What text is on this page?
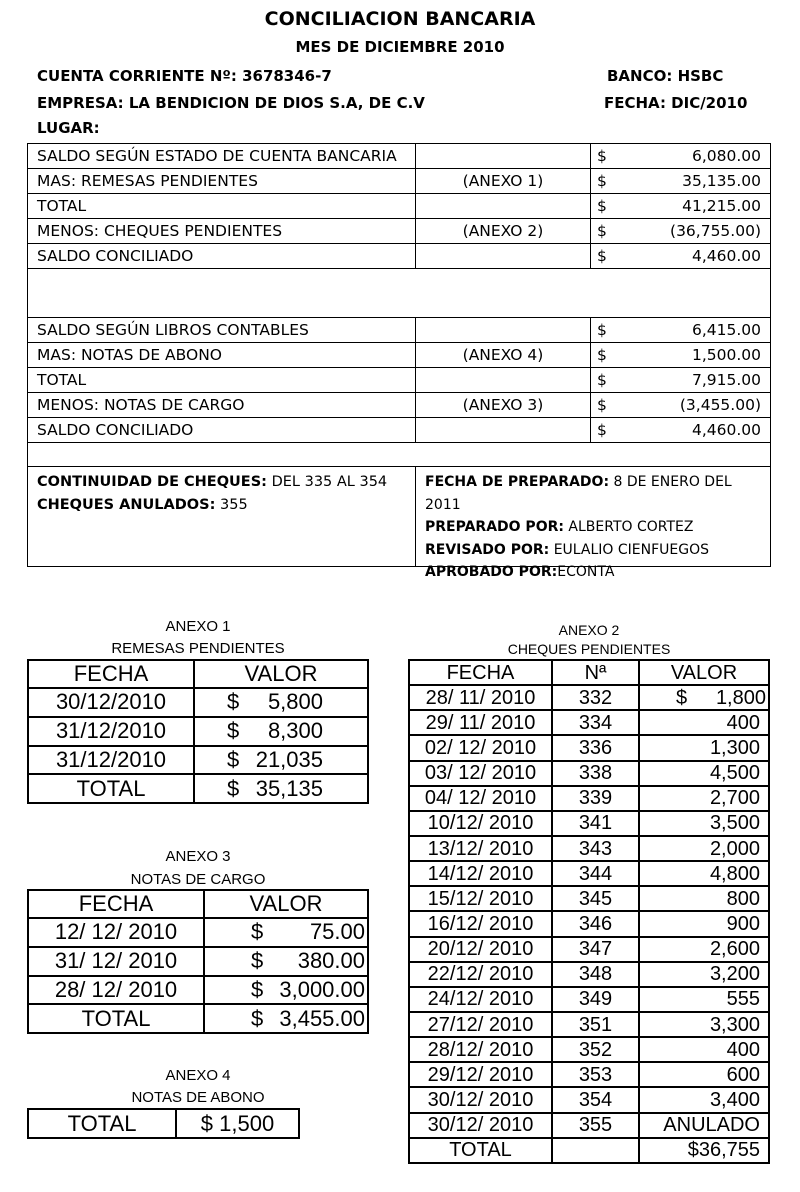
CONCILIACION BANCARIA
MES DE DICIEMBRE 2010
CUENTA CORRIENTE Nº: 3678346-7	BANCO: HSBC
EMPRESA: LA BENDICION DE DIOS S.A, DE C.V	FECHA: DIC/2010
LUGAR:
SALDO SEGÚN ESTADO DE CUENTA BANCARIA	$	6,080.00
MAS: REMESAS PENDIENTES	(ANEXO 1)	$	35,135.00
TOTAL	$	41,215.00
MENOS: CHEQUES PENDIENTES	(ANEXO 2)	$	(36,755.00)
SALDO CONCILIADO	$	4,460.00
SALDO SEGÚN LIBROS CONTABLES	$	6,415.00
MAS: NOTAS DE ABONO	(ANEXO 4)	$	1,500.00
TOTAL	$	7,915.00
MENOS: NOTAS DE CARGO	(ANEXO 3)	$	(3,455.00)
SALDO CONCILIADO	$	4,460.00
CONTINUIDAD DE CHEQUES: DEL 335 AL 354
CHEQUES ANULADOS: 355
FECHA DE PREPARADO: 8 DE ENERO DEL 2011
PREPARADO POR: ALBERTO CORTEZ
REVISADO POR: EULALIO CIENFUEGOS
APROBADO POR:ECONTA
ANEXO 1
REMESAS PENDIENTES
FECHA	VALOR
30/12/2010	$ 5,800
31/12/2010	$ 8,300
31/12/2010	$ 21,035
TOTAL	$ 35,135
ANEXO 3
NOTAS DE CARGO
FECHA	VALOR
12/ 12/ 2010	$ 75.00
31/ 12/ 2010	$ 380.00
28/ 12/ 2010	$ 3,000.00
TOTAL	$ 3,455.00
ANEXO 4
NOTAS DE ABONO
TOTAL	$ 1,500
ANEXO 2
CHEQUES PENDIENTES
FECHA	Nª	VALOR
28/ 11/ 2010	332	$ 1,800
29/ 11/ 2010	334	400
02/ 12/ 2010	336	1,300
03/ 12/ 2010	338	4,500
04/ 12/ 2010	339	2,700
10/12/ 2010	341	3,500
13/12/ 2010	343	2,000
14/12/ 2010	344	4,800
15/12/ 2010	345	800
16/12/ 2010	346	900
20/12/ 2010	347	2,600
22/12/ 2010	348	3,200
24/12/ 2010	349	555
27/12/ 2010	351	3,300
28/12/ 2010	352	400
29/12/ 2010	353	600
30/12/ 2010	354	3,400
30/12/ 2010	355	ANULADO
TOTAL		$36,755
